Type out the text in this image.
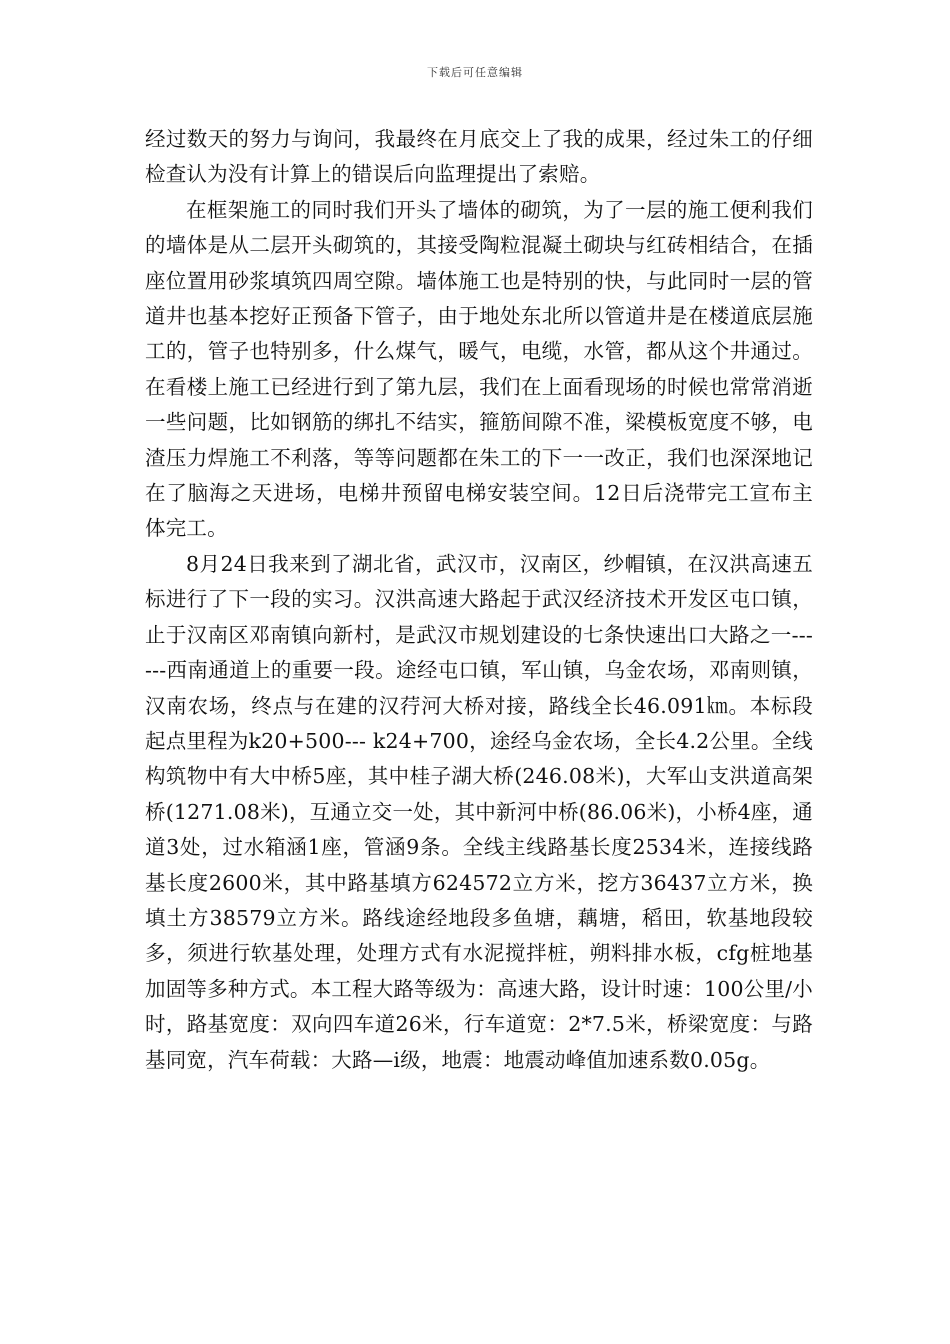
下载后可任意编辑

经过数天的努力与询问，我最终在月底交上了我的成果，经过朱工的仔细检查认为没有计算上的错误后向监理提出了索赔。

在框架施工的同时我们开头了墙体的砌筑，为了一层的施工便利我们的墙体是从二层开头砌筑的，其接受陶粒混凝土砌块与红砖相结合，在插座位置用砂浆填筑四周空隙。墙体施工也是特别的快，与此同时一层的管道井也基本挖好正预备下管子，由于地处东北所以管道井是在楼道底层施工的，管子也特别多，什么煤气，暖气，电缆，水管，都从这个井通过。在看楼上施工已经进行到了第九层，我们在上面看现场的时候也常常消逝一些问题，比如钢筋的绑扎不结实，箍筋间隙不准，梁模板宽度不够，电渣压力焊施工不利落，等等问题都在朱工的下一一改正，我们也深深地记在了脑海之天进场，电梯井预留电梯安装空间。12日后浇带完工宣布主体完工。

8月24日我来到了湖北省，武汉市，汉南区，纱帽镇，在汉洪高速五标进行了下一段的实习。汉洪高速大路起于武汉经济技术开发区屯口镇，止于汉南区邓南镇向新村，是武汉市规划建设的七条快速出口大路之一------西南通道上的重要一段。途经屯口镇，军山镇，乌金农场，邓南则镇，汉南农场，终点与在建的汉荇河大桥对接，路线全长46.091㎞。本标段起点里程为k20+500--- k24+700，途经乌金农场，全长4.2公里。全线构筑物中有大中桥5座，其中桂子湖大桥(246.08米)，大军山支洪道高架桥(1271.08米)，互通立交一处，其中新河中桥(86.06米)，小桥4座，通道3处，过水箱涵1座，管涵9条。全线主线路基长度2534米，连接线路基长度2600米，其中路基填方624572立方米，挖方36437立方米，换填土方38579立方米。路线途经地段多鱼塘，藕塘，稻田，软基地段较多，须进行软基处理，处理方式有水泥搅拌桩，朔料排水板，cfg桩地基加固等多种方式。本工程大路等级为：高速大路，设计时速：100公里/小时，路基宽度：双向四车道26米，行车道宽：2*7.5米，桥梁宽度：与路基同宽，汽车荷载：大路—ⅰ级，地震：地震动峰值加速系数0.05g。
